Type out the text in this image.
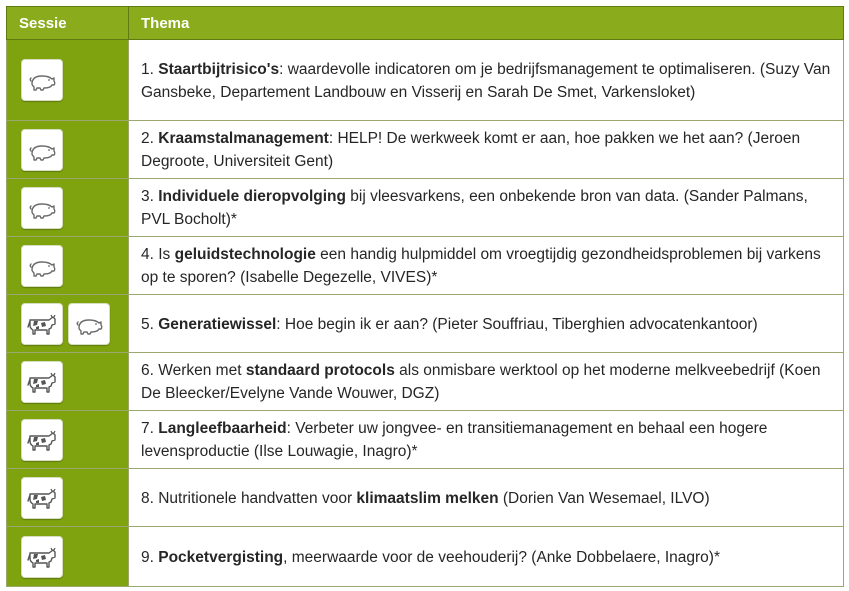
Sessie	Thema

	1. Staartbijtrisico's: waardevolle indicatoren om je bedrijfsmanagement te optimaliseren. (Suzy Van Gansbeke, Departement Landbouw en Visserij en Sarah De Smet, Varkensloket)

	2. Kraamstalmanagement: HELP! De werkweek komt er aan, hoe pakken we het aan? (Jeroen Degroote, Universiteit Gent)

	3. Individuele dieropvolging bij vleesvarkens, een onbekende bron van data. (Sander Palmans, PVL Bocholt)*

	4. Is geluidstechnologie een handig hulpmiddel om vroegtijdig gezondheidsproblemen bij varkens op te sporen? (Isabelle Degezelle, VIVES)*

	5. Generatiewissel: Hoe begin ik er aan? (Pieter Souffriau, Tiberghien advocatenkantoor)

	6. Werken met standaard protocols als onmisbare werktool op het moderne melkveebedrijf (Koen De Bleecker/Evelyne Vande Wouwer, DGZ)

	7. Langleefbaarheid: Verbeter uw jongvee- en transitiemanagement en behaal een hogere levensproductie (Ilse Louwagie, Inagro)*

	8. Nutritionele handvatten voor klimaatslim melken (Dorien Van Wesemael, ILVO)

	9. Pocketvergisting, meerwaarde voor de veehouderij? (Anke Dobbelaere, Inagro)*
